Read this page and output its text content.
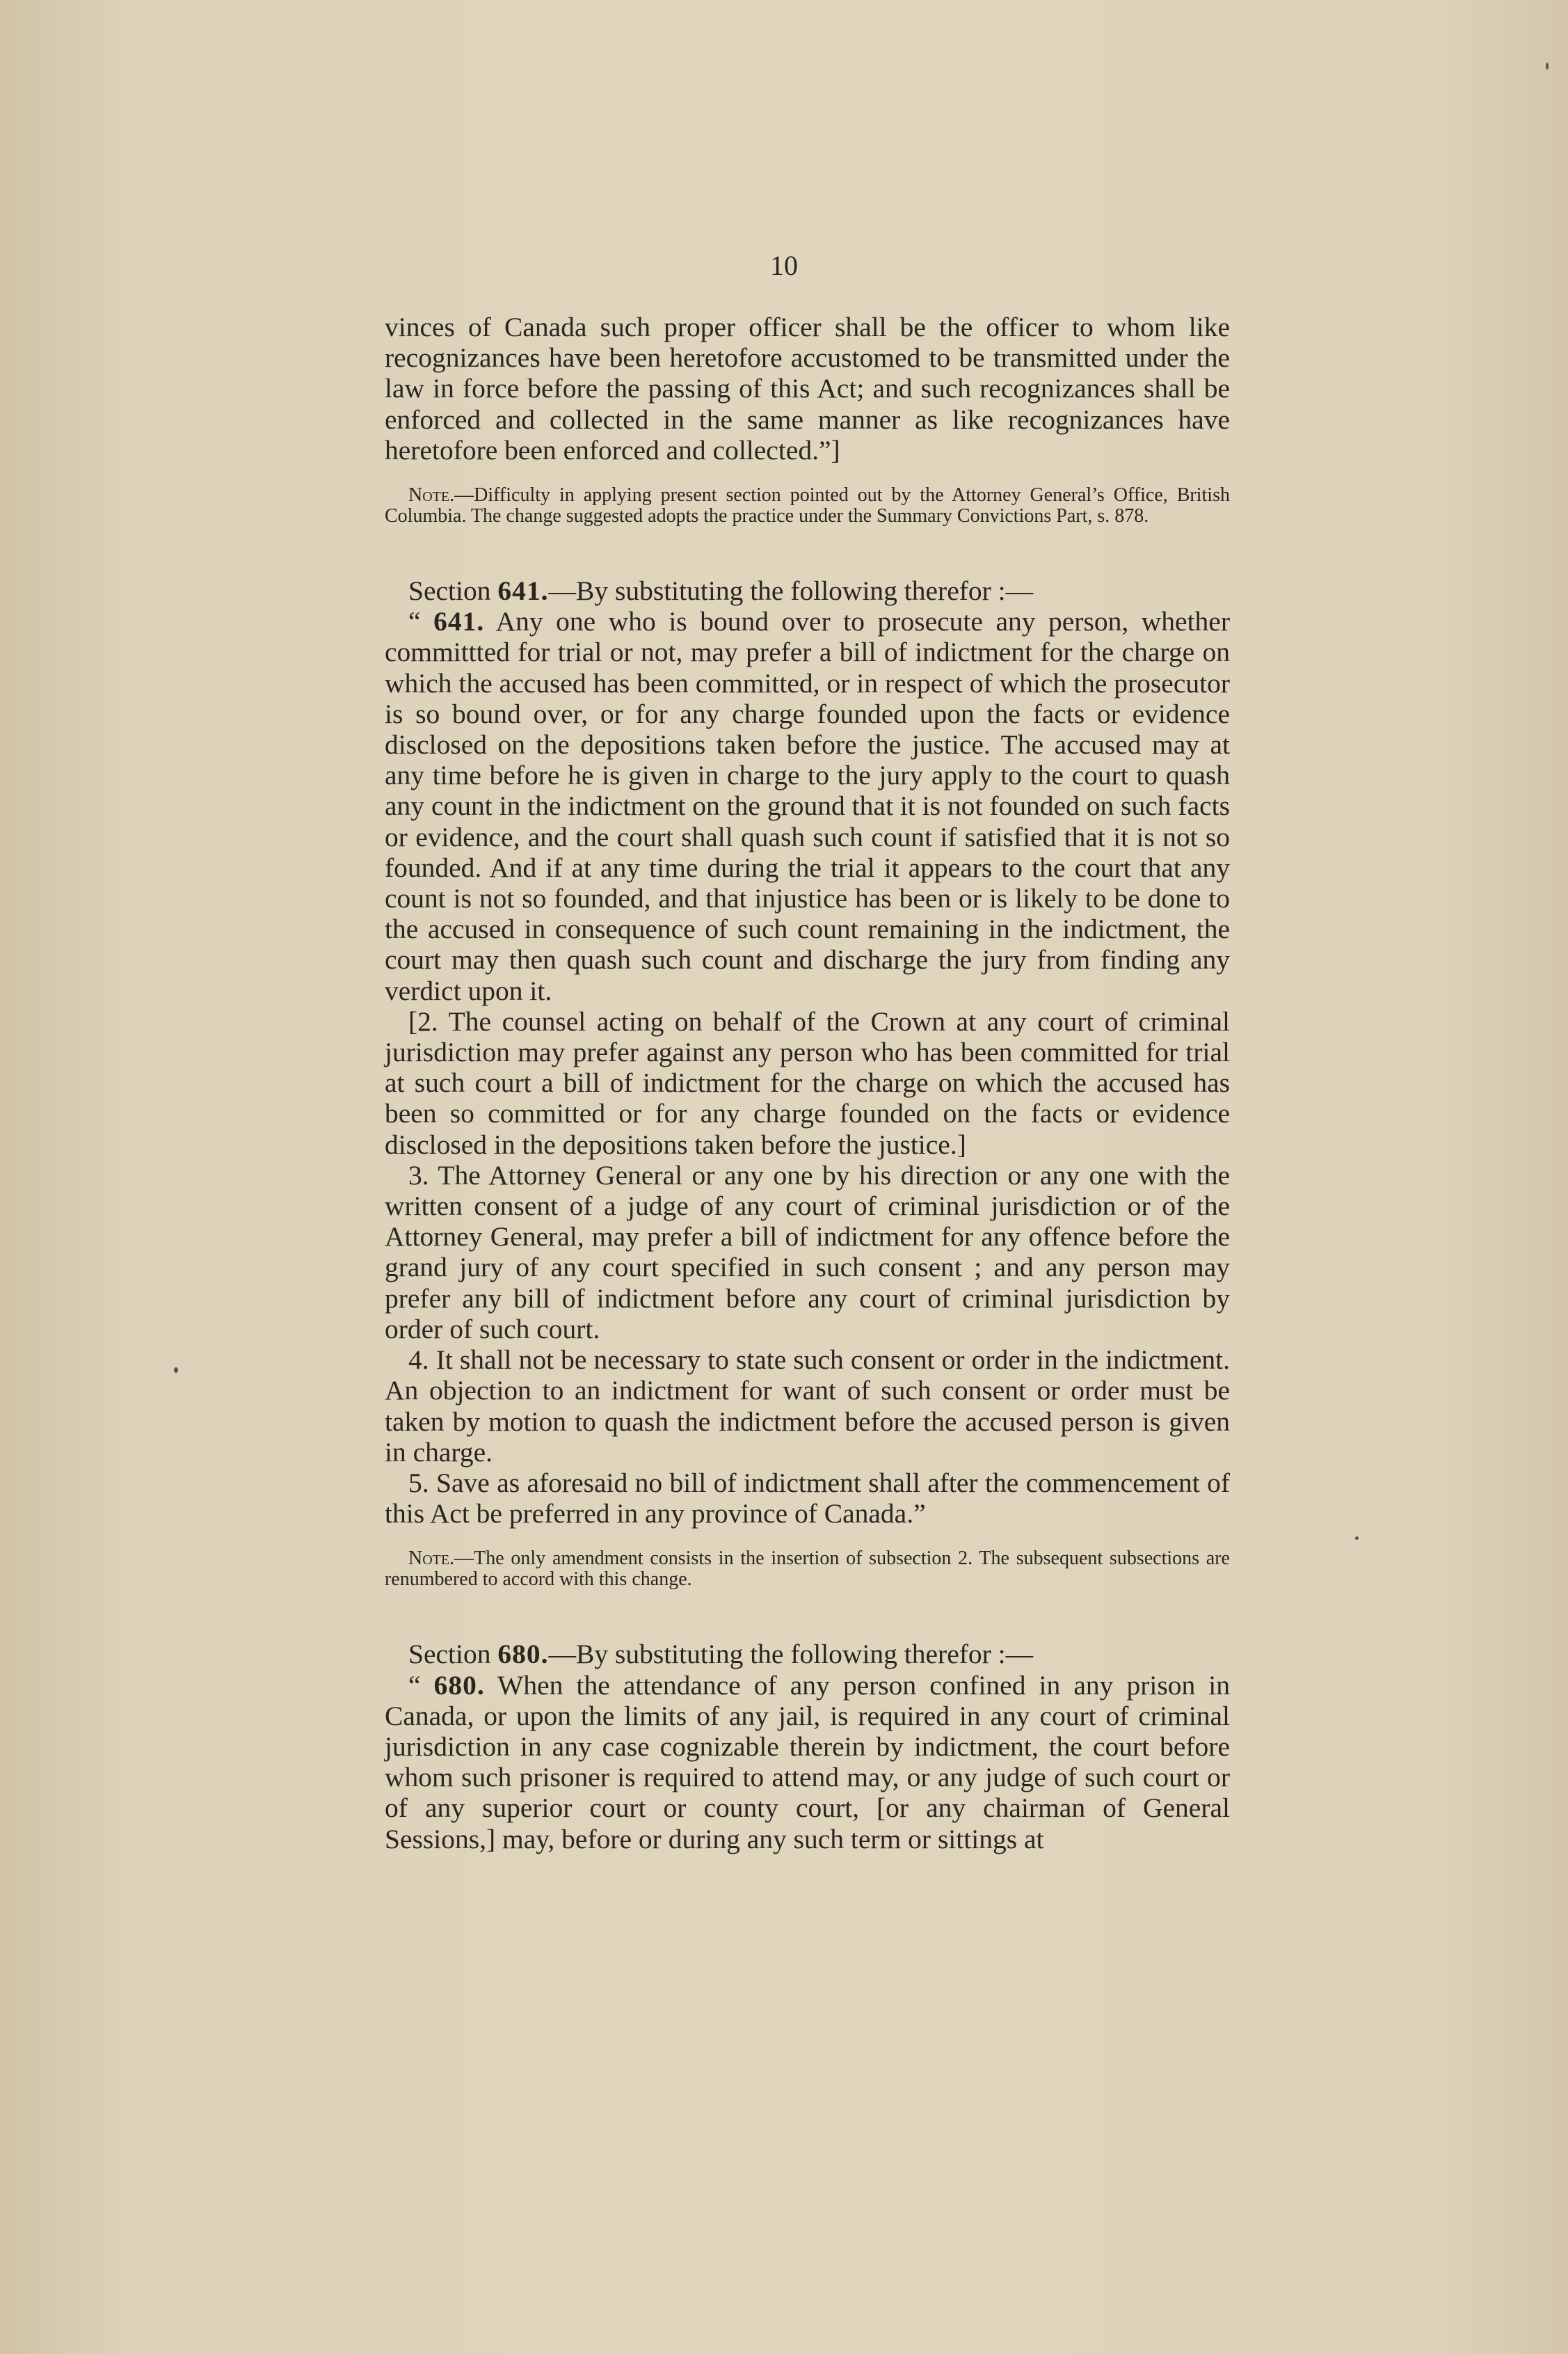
10

vinces of Canada such proper officer shall be the officer to whom like recognizances have been heretofore accustomed to be transmitted under the law in force before the passing of this Act; and such recognizances shall be enforced and collected in the same manner as like recognizances have heretofore been enforced and collected.”]

Note.—Difficulty in applying present section pointed out by the Attorney General’s Office, British Columbia. The change suggested adopts the practice under the Summary Convictions Part, s. 878.

Section 641.—By substituting the following therefor :—

“ 641. Any one who is bound over to prosecute any person, whether committted for trial or not, may prefer a bill of indictment for the charge on which the accused has been committed, or in respect of which the prosecutor is so bound over, or for any charge founded upon the facts or evidence disclosed on the depositions taken before the justice. The accused may at any time before he is given in charge to the jury apply to the court to quash any count in the indictment on the ground that it is not founded on such facts or evidence, and the court shall quash such count if satisfied that it is not so founded. And if at any time during the trial it appears to the court that any count is not so founded, and that injustice has been or is likely to be done to the accused in consequence of such count remaining in the indictment, the court may then quash such count and discharge the jury from finding any verdict upon it.

[2. The counsel acting on behalf of the Crown at any court of criminal jurisdiction may prefer against any person who has been committed for trial at such court a bill of indictment for the charge on which the accused has been so committed or for any charge founded on the facts or evidence disclosed in the depositions taken before the justice.]

3. The Attorney General or any one by his direction or any one with the written consent of a judge of any court of criminal jurisdiction or of the Attorney General, may prefer a bill of indictment for any offence before the grand jury of any court specified in such consent ; and any person may prefer any bill of indictment before any court of criminal jurisdiction by order of such court.

4. It shall not be necessary to state such consent or order in the indictment. An objection to an indictment for want of such consent or order must be taken by motion to quash the indictment before the accused person is given in charge.

5. Save as aforesaid no bill of indictment shall after the commencement of this Act be preferred in any province of Canada.”

Note.—The only amendment consists in the insertion of subsection 2. The subsequent subsections are renumbered to accord with this change.

Section 680.—By substituting the following therefor :—

“ 680. When the attendance of any person confined in any prison in Canada, or upon the limits of any jail, is required in any court of criminal jurisdiction in any case cognizable therein by indictment, the court before whom such prisoner is required to attend may, or any judge of such court or of any superior court or county court, [or any chairman of General Sessions,] may, before or during any such term or sittings at
